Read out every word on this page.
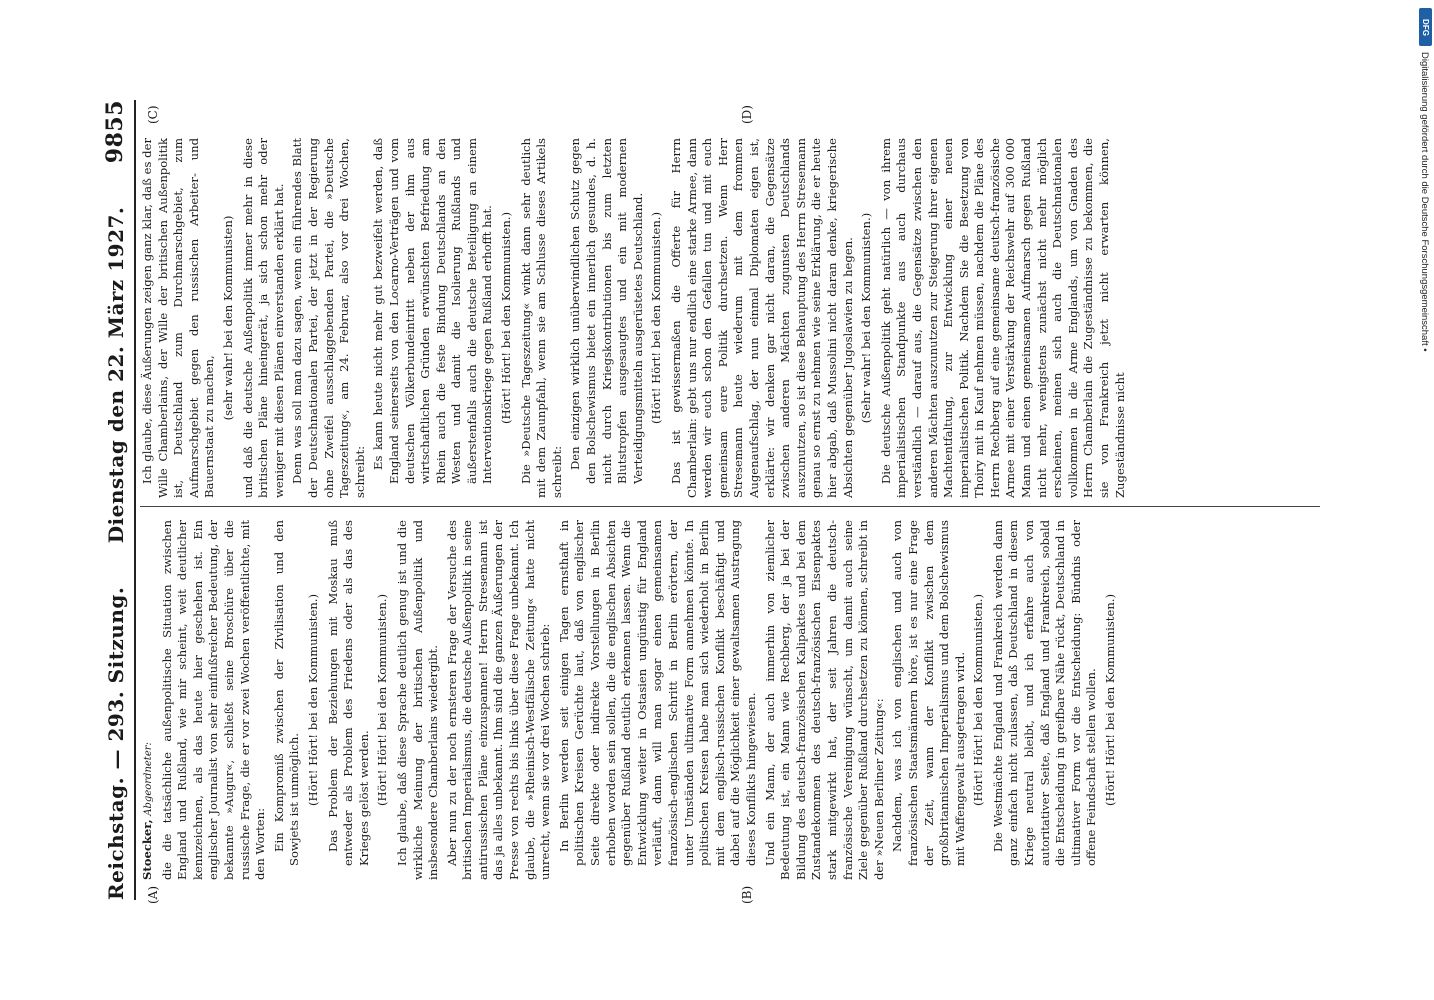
Reichstag. — 293. Sitzung.
Dienstag den 22. März 1927.
9855
(A)	(B)
(C)	(D)

Stoecker, Abgeordneter: die die tatsächliche außenpolitische Situation zwischen England und Rußland, wie mir scheint, weit deutlicher kennzeichnen, als das heute hier geschehen ist. Ein englischer Journalist von sehr einflußreicher Bedeutung, der bekannte »Augur«, schließt seine Broschüre über die russische Frage, die er vor zwei Wochen veröffentlichte, mit den Worten: Ein Kompromiß zwischen der Zivilisation und den Sowjets ist unmöglich. (Hört! Hört! bei den Kommunisten.) Das Problem der Beziehungen mit Moskau muß entweder als Problem des Friedens oder als das des Krieges gelöst werden. (Hört! Hört! bei den Kommunisten.) Ich glaube, daß diese Sprache deutlich genug ist und die wirkliche Meinung der britischen Außenpolitik und insbesondere Chamberlains wiedergibt. Aber nun zu der noch ernsteren Frage der Versuche des britischen Imperialismus, die deutsche Außenpolitik in seine antirussischen Pläne einzuspannen! Herrn Stresemann ist das ja alles unbekannt. Ihm sind die ganzen Äußerungen der Presse von rechts bis links über diese Frage unbekannt. Ich glaube, die »Rheinisch-Westfälische Zeitung« hatte nicht unrecht, wenn sie vor drei Wochen schrieb: In Berlin werden seit einigen Tagen ernsthaft in politischen Kreisen Gerüchte laut, daß von englischer Seite direkte oder indirekte Vorstellungen in Berlin erhoben worden sein sollen, die die englischen Absichten gegenüber Rußland deutlich erkennen lassen. Wenn die Entwicklung weiter in Ostasien ungünstig für England verläuft, dann will man sogar einen gemeinsamen französisch-englischen Schritt in Berlin erörtern, der unter Umständen ultimative Form annehmen könnte. In politischen Kreisen habe man sich wiederholt in Berlin mit dem englisch-russischen Konflikt beschäftigt und dabei auf die Möglichkeit einer gewaltsamen Austragung dieses Konflikts hingewiesen. Und ein Mann, der auch immerhin von ziemlicher Bedeutung ist, ein Mann wie Rechberg, der ja bei der Bildung des deutsch-französischen Kalipaktes und bei dem Zustandekommen des deutsch-französischen Eisenpaktes stark mitgewirkt hat, der seit Jahren die deutsch-französische Vereinigung wünscht, um damit auch seine Ziele gegenüber Rußland durchsetzen zu können, schreibt in der »Neuen Berliner Zeitung«: Nachdem, was ich von englischen und auch von französischen Staatsmännern höre, ist es nur eine Frage der Zeit, wann der Konflikt zwischen dem großbritannischen Imperialismus und dem Bolschewismus mit Waffengewalt ausgetragen wird. (Hört! Hört! bei den Kommunisten.) Die Westmächte England und Frankreich werden dann ganz einfach nicht zulassen, daß Deutschland in diesem Kriege neutral bleibt, und ich erfahre auch von autoritativer Seite, daß England und Frankreich, sobald die Entscheidung in greifbare Nähe rückt, Deutschland in ultimativer Form vor die Entscheidung: Bündnis oder offene Feindschaft stellen wollen. (Hört! Hört! bei den Kommunisten.)

Ich glaube, diese Äußerungen zeigen ganz klar, daß es der Wille Chamberlains, der Wille der britischen Außenpolitik ist, Deutschland zum Durchmarschgebiet, zum Aufmarschgebiet gegen den russischen Arbeiter- und Bauernstaat zu machen,

(sehr wahr! bei den Kommunisten) und daß die deutsche Außenpolitik immer mehr in diese britischen Pläne hineingerät, ja sich schon mehr oder weniger mit diesen Plänen einverstanden erklärt hat. Denn was soll man dazu sagen, wenn ein führendes Blatt der Deutschnationalen Partei, der jetzt in der Regierung ohne Zweifel ausschlaggebenden Partei, die »Deutsche Tageszeitung«, am 24. Februar, also vor drei Wochen, schreibt:

Es kann heute nicht mehr gut bezweifelt werden, daß England seinerseits von den Locarno-Verträgen und vom deutschen Völkerbundeintritt neben der ihm aus wirtschaftlichen Gründen erwünschten Befriedung am Rhein auch die feste Bindung Deutschlands an den Westen und damit die Isolierung Rußlands und äußerstenfalls auch die deutsche Beteiligung an einem Interventionskriege gegen Rußland erhofft hat. (Hört! Hört! bei den Kommunisten.) Die »Deutsche Tageszeitung« winkt dann sehr deutlich mit dem Zaunpfahl, wenn sie am Schlusse dieses Artikels schreibt:

Den einzigen wirklich unüberwindlichen Schutz gegen den Bolschewismus bietet ein innerlich gesundes, d. h. nicht durch Kriegskontributionen bis zum letzten Blutstropfen ausgesaugtes und ein mit modernen Verteidigungsmitteln ausgerüstetes Deutschland. (Hört! Hört! bei den Kommunisten.) Das ist gewissermaßen die Offerte für Herrn Chamberlain: gebt uns nur endlich eine starke Armee, dann werden wir euch schon den Gefallen tun und mit euch gemeinsam eure Politik durchsetzen. Wenn Herr Stresemann heute wiederum mit dem frommen Augenaufschlag, der nun einmal Diplomaten eigen ist, erklärte: wir denken gar nicht daran, die Gegensätze zwischen anderen Mächten zugunsten Deutschlands auszunutzen, so ist diese Behauptung des Herrn Stresemann genau so ernst zu nehmen wie seine Erklärung, die er heute hier abgab, daß Mussolini nicht daran denke, kriegerische Absichten gegenüber Jugoslawien zu hegen. (Sehr wahr! bei den Kommunisten.) Die deutsche Außenpolitik geht natürlich — von ihrem imperialistischen Standpunkte aus auch durchaus verständlich — darauf aus, die Gegensätze zwischen den anderen Mächten auszunutzen zur Steigerung ihrer eigenen Machtentfaltung, zur Entwicklung einer neuen imperialistischen Politik. Nachdem Sie die Besetzung von Thoiry mit in Kauf nehmen müssen, nachdem die Pläne des Herrn Rechberg auf eine gemeinsame deutsch-französische Armee mit einer Verstärkung der Reichswehr auf 300 000 Mann und einen gemeinsamen Aufmarsch gegen Rußland nicht mehr, wenigstens zunächst nicht mehr möglich erscheinen, meinen sich auch die Deutschnationalen vollkommen in die Arme Englands, um von Gnaden des Herrn Chamberlain die Zugeständnisse zu bekommen, die sie von Frankreich jetzt nicht erwarten können, Zugeständnisse nicht

DFG
Digitalisierung gefördert durch die Deutsche Forschungsgemeinschaft •
